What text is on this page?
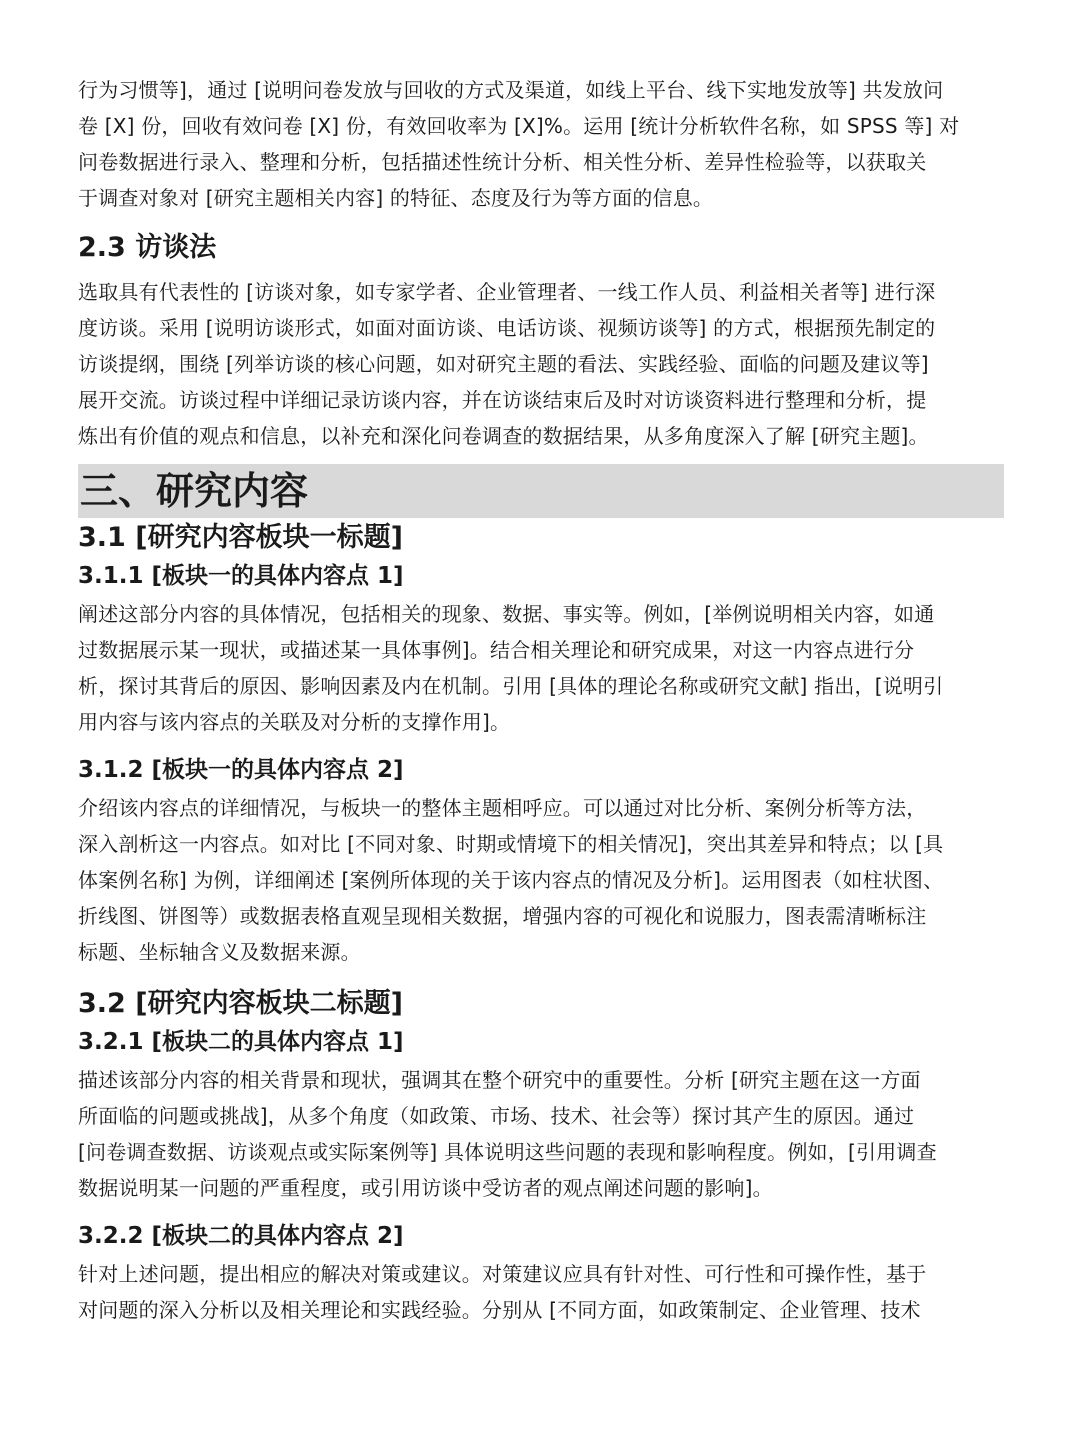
行为习惯等]，通过 [说明问卷发放与回收的方式及渠道，如线上平台、线下实地发放等] 共发放问
卷 [X] 份，回收有效问卷 [X] 份，有效回收率为 [X]%。运用 [统计分析软件名称，如 SPSS 等] 对
问卷数据进行录入、整理和分析，包括描述性统计分析、相关性分析、差异性检验等，以获取关
于调查对象对 [研究主题相关内容] 的特征、态度及行为等方面的信息。
2.3 访谈法
选取具有代表性的 [访谈对象，如专家学者、企业管理者、一线工作人员、利益相关者等] 进行深
度访谈。采用 [说明访谈形式，如面对面访谈、电话访谈、视频访谈等] 的方式，根据预先制定的
访谈提纲，围绕 [列举访谈的核心问题，如对研究主题的看法、实践经验、面临的问题及建议等]
展开交流。访谈过程中详细记录访谈内容，并在访谈结束后及时对访谈资料进行整理和分析，提
炼出有价值的观点和信息，以补充和深化问卷调查的数据结果，从多角度深入了解 [研究主题]。
三、研究内容
3.1 [研究内容板块一标题]
3.1.1 [板块一的具体内容点 1]
阐述这部分内容的具体情况，包括相关的现象、数据、事实等。例如，[举例说明相关内容，如通
过数据展示某一现状，或描述某一具体事例]。结合相关理论和研究成果，对这一内容点进行分
析，探讨其背后的原因、影响因素及内在机制。引用 [具体的理论名称或研究文献] 指出，[说明引
用内容与该内容点的关联及对分析的支撑作用]。
3.1.2 [板块一的具体内容点 2]
介绍该内容点的详细情况，与板块一的整体主题相呼应。可以通过对比分析、案例分析等方法，
深入剖析这一内容点。如对比 [不同对象、时期或情境下的相关情况]，突出其差异和特点；以 [具
体案例名称] 为例，详细阐述 [案例所体现的关于该内容点的情况及分析]。运用图表（如柱状图、
折线图、饼图等）或数据表格直观呈现相关数据，增强内容的可视化和说服力，图表需清晰标注
标题、坐标轴含义及数据来源。
3.2 [研究内容板块二标题]
3.2.1 [板块二的具体内容点 1]
描述该部分内容的相关背景和现状，强调其在整个研究中的重要性。分析 [研究主题在这一方面
所面临的问题或挑战]，从多个角度（如政策、市场、技术、社会等）探讨其产生的原因。通过
[问卷调查数据、访谈观点或实际案例等] 具体说明这些问题的表现和影响程度。例如，[引用调查
数据说明某一问题的严重程度，或引用访谈中受访者的观点阐述问题的影响]。
3.2.2 [板块二的具体内容点 2]
针对上述问题，提出相应的解决对策或建议。对策建议应具有针对性、可行性和可操作性，基于
对问题的深入分析以及相关理论和实践经验。分别从 [不同方面，如政策制定、企业管理、技术
